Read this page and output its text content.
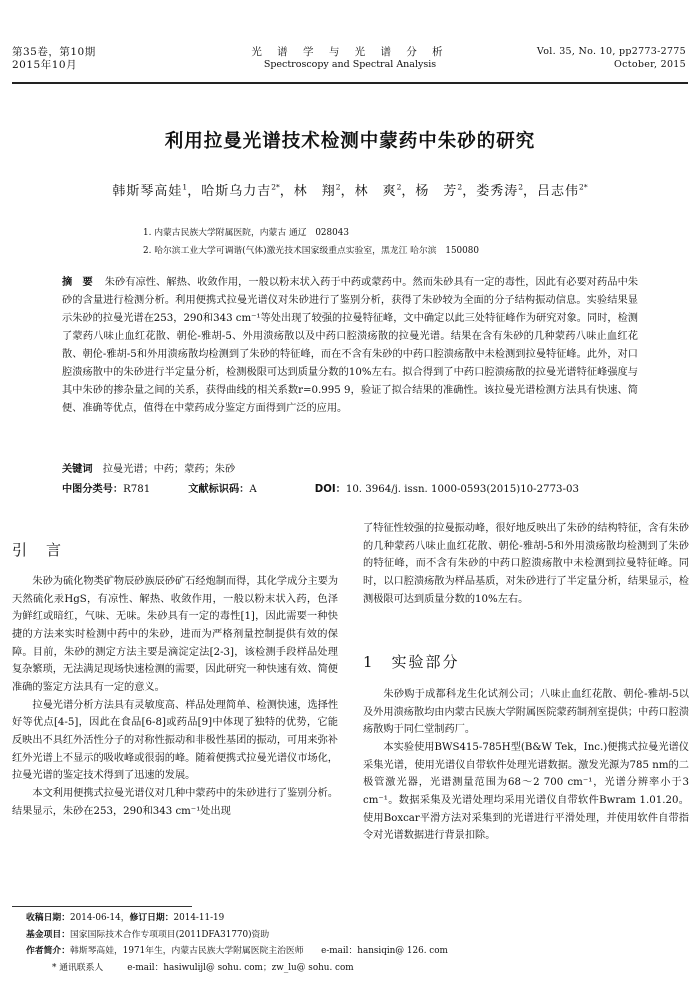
第35卷，第10期
2015年10月
光 谱 学 与 光 谱 分 析
Spectroscopy and Spectral Analysis
Vol. 35, No. 10, pp2773-2775
October, 2015
利用拉曼光谱技术检测中蒙药中朱砂的研究
韩斯琴高娃$^1$，哈斯乌力吉$^{2*}$，林　翔$^2$，林　爽$^2$，杨　芳$^2$，娄秀涛$^2$，吕志伟$^{2*}$
1. 内蒙古民族大学附属医院，内蒙古 通辽　028043
2. 哈尔滨工业大学可调谐(气体)激光技术国家级重点实验室，黑龙江 哈尔滨　150080
摘　要 朱砂有凉性、解热、收敛作用，一般以粉末状入药于中药或蒙药中。然而朱砂具有一定的毒性，因此有必要对药品中朱砂的含量进行检测分析。利用便携式拉曼光谱仪对朱砂进行了鉴别分析，获得了朱砂较为全面的分子结构振动信息。实验结果显示朱砂的拉曼光谱在253，290和343 cm⁻¹等处出现了较强的拉曼特征峰，文中确定以此三处特征峰作为研究对象。同时，检测了蒙药八味止血红花散、朝伦-雅胡-5、外用溃疡散以及中药口腔溃疡散的拉曼光谱。结果在含有朱砂的几种蒙药八味止血红花散、朝伦-雅胡-5和外用溃疡散均检测到了朱砂的特征峰，而在不含有朱砂的中药口腔溃疡散中未检测到拉曼特征峰。此外，对口腔溃疡散中的朱砂进行半定量分析，检测极限可达到质量分数的10%左右。拟合得到了中药口腔溃疡散的拉曼光谱特征峰强度与其中朱砂的掺杂量之间的关系，获得曲线的相关系数r=0.995 9，验证了拟合结果的准确性。该拉曼光谱检测方法具有快速、简便、准确等优点，值得在中蒙药成分鉴定方面得到广泛的应用。
关键词　 拉曼光谱；中药；蒙药；朱砂
中图分类号：R781	文献标识码：A	DOI：10. 3964/j. issn. 1000-0593(2015)10-2773-03
引　言

朱砂为硫化物类矿物辰砂族辰砂矿石经炮制而得，其化学成分主要为天然硫化汞HgS，有凉性、解热、收敛作用，一般以粉末状入药，色泽为鲜红或暗红，气味、无味。朱砂具有一定的毒性[1]，因此需要一种快捷的方法来实时检测中药中的朱砂，进而为严格剂量控制提供有效的保障。目前，朱砂的测定方法主要是滴淀定法[2-3]，该检测手段样品处理复杂繁琐，无法满足现场快速检测的需要，因此研究一种快速有效、简便准确的鉴定方法具有一定的意义。

拉曼光谱分析方法具有灵敏度高、样品处理简单、检测快速，选择性好等优点[4-5]，因此在食品[6-8]或药品[9]中体现了独特的优势，它能反映出不具红外活性分子的对称性振动和非极性基团的振动，可用来弥补红外光谱上不显示的吸收峰或很弱的峰。随着便携式拉曼光谱仪市场化，拉曼光谱的鉴定技术得到了迅速的发展。

本文利用便携式拉曼光谱仪对几种中蒙药中的朱砂进行了鉴别分析。结果显示，朱砂在253，290和343 cm⁻¹处出现

了特征性较强的拉曼振动峰，很好地反映出了朱砂的结构特征，含有朱砂的几种蒙药八味止血红花散、朝伦-雅胡-5和外用溃疡散均检测到了朱砂的特征峰，而不含有朱砂的中药口腔溃疡散中未检测到拉曼特征峰。同时，以口腔溃疡散为样品基质，对朱砂进行了半定量分析，结果显示，检测极限可达到质量分数的10%左右。

1　实验部分

朱砂购于成都科龙生化试剂公司；八味止血红花散、朝伦-雅胡-5以及外用溃疡散均由内蒙古民族大学附属医院蒙药制剂室提供；中药口腔溃疡散购于同仁堂制药厂。

本实验使用BWS415-785H型(B&W Tek，Inc.)便携式拉曼光谱仪采集光谱，使用光谱仪自带软件处理光谱数据。激发光源为785 nm的二极管激光器，光谱测量范围为68～2 700 cm⁻¹，光谱分辨率小于3 cm⁻¹。数据采集及光谱处理均采用光谱仪自带软件Bwram 1.01.20。使用Boxcar平滑方法对采集到的光谱进行平滑处理，并使用软件自带指令对光谱数据进行背景扣除。

收稿日期：2014-06-14，修订日期：2014-11-19
基金项目：国家国际技术合作专项项目(2011DFA31770)资助
作者简介：韩斯琴高娃，1971年生，内蒙古民族大学附属医院主治医师　　e-mail：hansiqin@ 126. com
* 通讯联系人	e-mail：hasiwulijl@ sohu. com；zw_lu@ sohu. com
